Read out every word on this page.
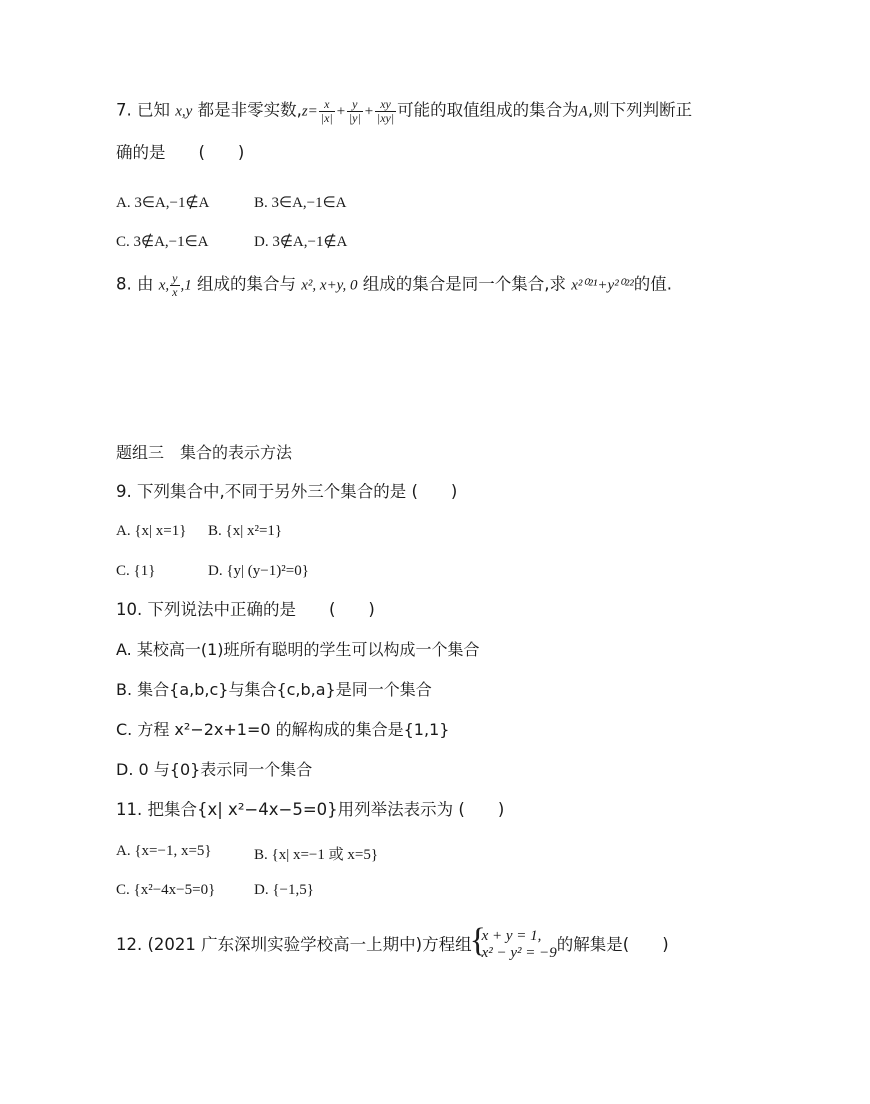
7. 已知 x,y 都是非零实数$,z= \frac{x}{|x|} + \frac{y}{|y|} + \frac{xy}{|xy|}$ 可能的取值组成的集合为A,则下列判断正
确的是　　(　　)
A. 3∈A,−1∉A	B. 3∈A,−1∈A
C. 3∉A,−1∈A	D. 3∉A,−1∉A
8. 由 x, $\frac{y}{x} ,1$ 组成的集合与 x², x+y, 0 组成的集合是同一个集合,求 x²⁰²¹+y²⁰²²的值.
题组三　集合的表示方法
9. 下列集合中,不同于另外三个集合的是 (　　)
A. {x| x=1} B. {x| x²=1}
C. {1}	D. {y| (y−1)²=0}
10. 下列说法中正确的是　　(　　)
A. 某校高一(1)班所有聪明的学生可以构成一个集合
B. 集合{a,b,c}与集合{c,b,a}是同一个集合
C. 方程 x²−2x+1=0 的解构成的集合是{1,1}
D. 0 与{0}表示同一个集合
11. 把集合{x| x²−4x−5=0}用列举法表示为 (　　)
A. {x=−1, x=5}	B. {x| x=−1 或 x=5}
C. {x²−4x−5=0}	D. {−1,5}
12. (2021 广东深圳实验学校高一上期中)方程组
{ x + y = 1,
x² − y² = −9 的解集是(　　)
